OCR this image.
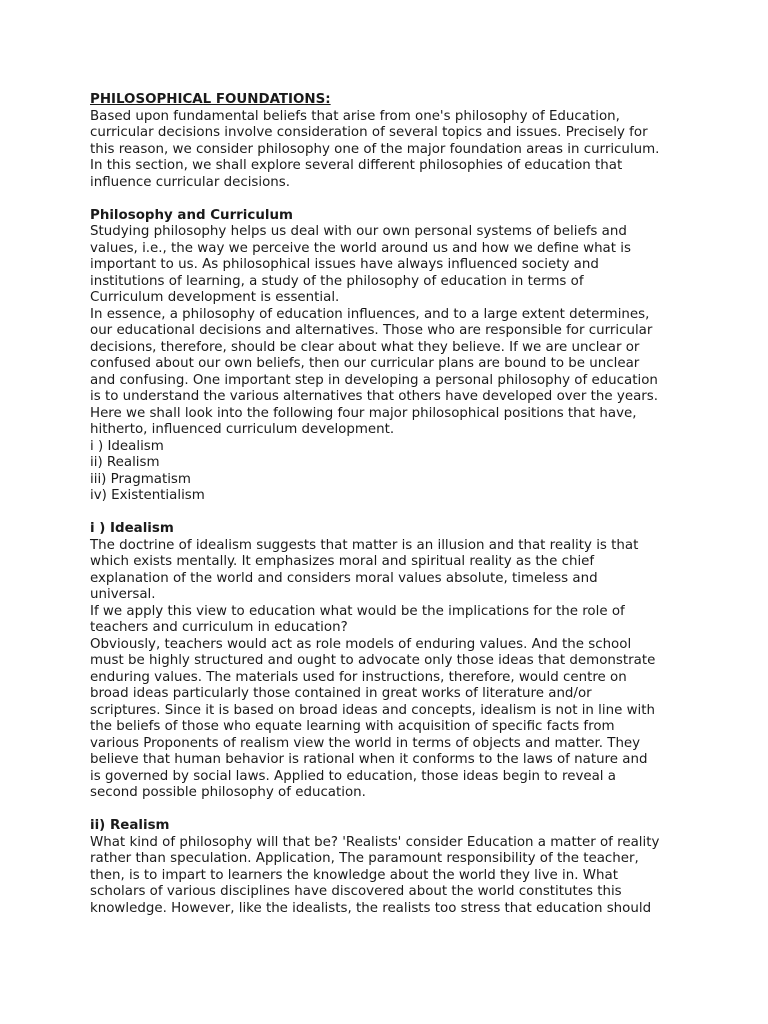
PHILOSOPHICAL FOUNDATIONS:
Based upon fundamental beliefs that arise from one's philosophy of Education,
curricular decisions involve consideration of several topics and issues. Precisely for
this reason, we consider philosophy one of the major foundation areas in curriculum.
In this section, we shall explore several different philosophies of education that
influence curricular decisions.
Philosophy and Curriculum
Studying philosophy helps us deal with our own personal systems of beliefs and
values, i.e., the way we perceive the world around us and how we define what is
important to us. As philosophical issues have always influenced society and
institutions of learning, a study of the philosophy of education in terms of
Curriculum development is essential.
In essence, a philosophy of education influences, and to a large extent determines,
our educational decisions and alternatives. Those who are responsible for curricular
decisions, therefore, should be clear about what they believe. If we are unclear or
confused about our own beliefs, then our curricular plans are bound to be unclear
and confusing. One important step in developing a personal philosophy of education
is to understand the various alternatives that others have developed over the years.
Here we shall look into the following four major philosophical positions that have,
hitherto, influenced curriculum development.
i ) Idealism
ii) Realism
iii) Pragmatism
iv) Existentialism
i ) Idealism
The doctrine of idealism suggests that matter is an illusion and that reality is that
which exists mentally. It emphasizes moral and spiritual reality as the chief
explanation of the world and considers moral values absolute, timeless and
universal.
If we apply this view to education what would be the implications for the role of
teachers and curriculum in education?
Obviously, teachers would act as role models of enduring values. And the school
must be highly structured and ought to advocate only those ideas that demonstrate
enduring values. The materials used for instructions, therefore, would centre on
broad ideas particularly those contained in great works of literature and/or
scriptures. Since it is based on broad ideas and concepts, idealism is not in line with
the beliefs of those who equate learning with acquisition of specific facts from
various Proponents of realism view the world in terms of objects and matter. They
believe that human behavior is rational when it conforms to the laws of nature and
is governed by social laws. Applied to education, those ideas begin to reveal a
second possible philosophy of education.
ii) Realism
What kind of philosophy will that be? 'Realists' consider Education a matter of reality
rather than speculation. Application, The paramount responsibility of the teacher,
then, is to impart to learners the knowledge about the world they live in. What
scholars of various disciplines have discovered about the world constitutes this
knowledge. However, like the idealists, the realists too stress that education should
